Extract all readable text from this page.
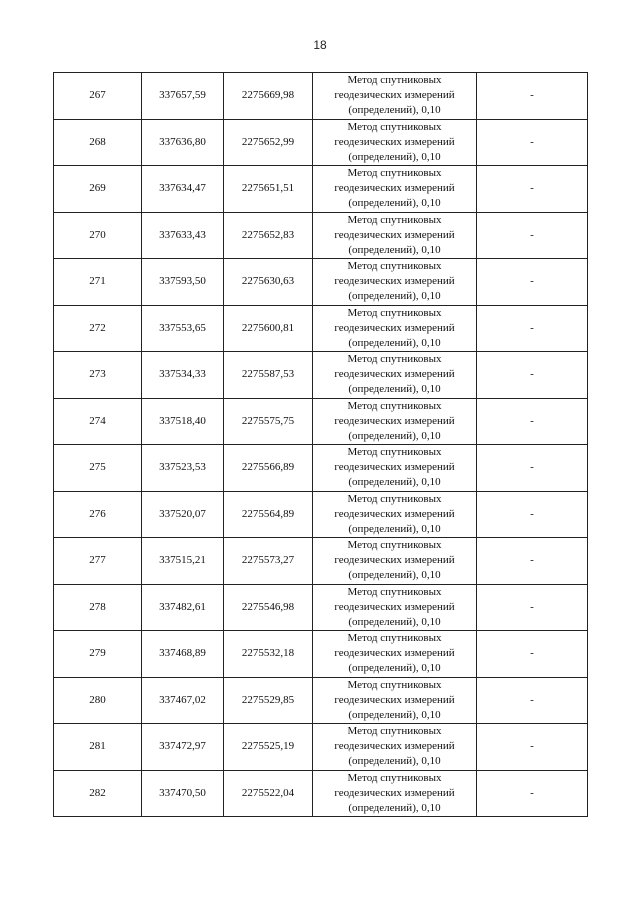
18
267	337657,59	2275669,98	Метод спутниковых
геодезических измерений
(определений), 0,10	-
268	337636,80	2275652,99	Метод спутниковых
геодезических измерений
(определений), 0,10	-
269	337634,47	2275651,51	Метод спутниковых
геодезических измерений
(определений), 0,10	-
270	337633,43	2275652,83	Метод спутниковых
геодезических измерений
(определений), 0,10	-
271	337593,50	2275630,63	Метод спутниковых
геодезических измерений
(определений), 0,10	-
272	337553,65	2275600,81	Метод спутниковых
геодезических измерений
(определений), 0,10	-
273	337534,33	2275587,53	Метод спутниковых
геодезических измерений
(определений), 0,10	-
274	337518,40	2275575,75	Метод спутниковых
геодезических измерений
(определений), 0,10	-
275	337523,53	2275566,89	Метод спутниковых
геодезических измерений
(определений), 0,10	-
276	337520,07	2275564,89	Метод спутниковых
геодезических измерений
(определений), 0,10	-
277	337515,21	2275573,27	Метод спутниковых
геодезических измерений
(определений), 0,10	-
278	337482,61	2275546,98	Метод спутниковых
геодезических измерений
(определений), 0,10	-
279	337468,89	2275532,18	Метод спутниковых
геодезических измерений
(определений), 0,10	-
280	337467,02	2275529,85	Метод спутниковых
геодезических измерений
(определений), 0,10	-
281	337472,97	2275525,19	Метод спутниковых
геодезических измерений
(определений), 0,10	-
282	337470,50	2275522,04	Метод спутниковых
геодезических измерений
(определений), 0,10	-
